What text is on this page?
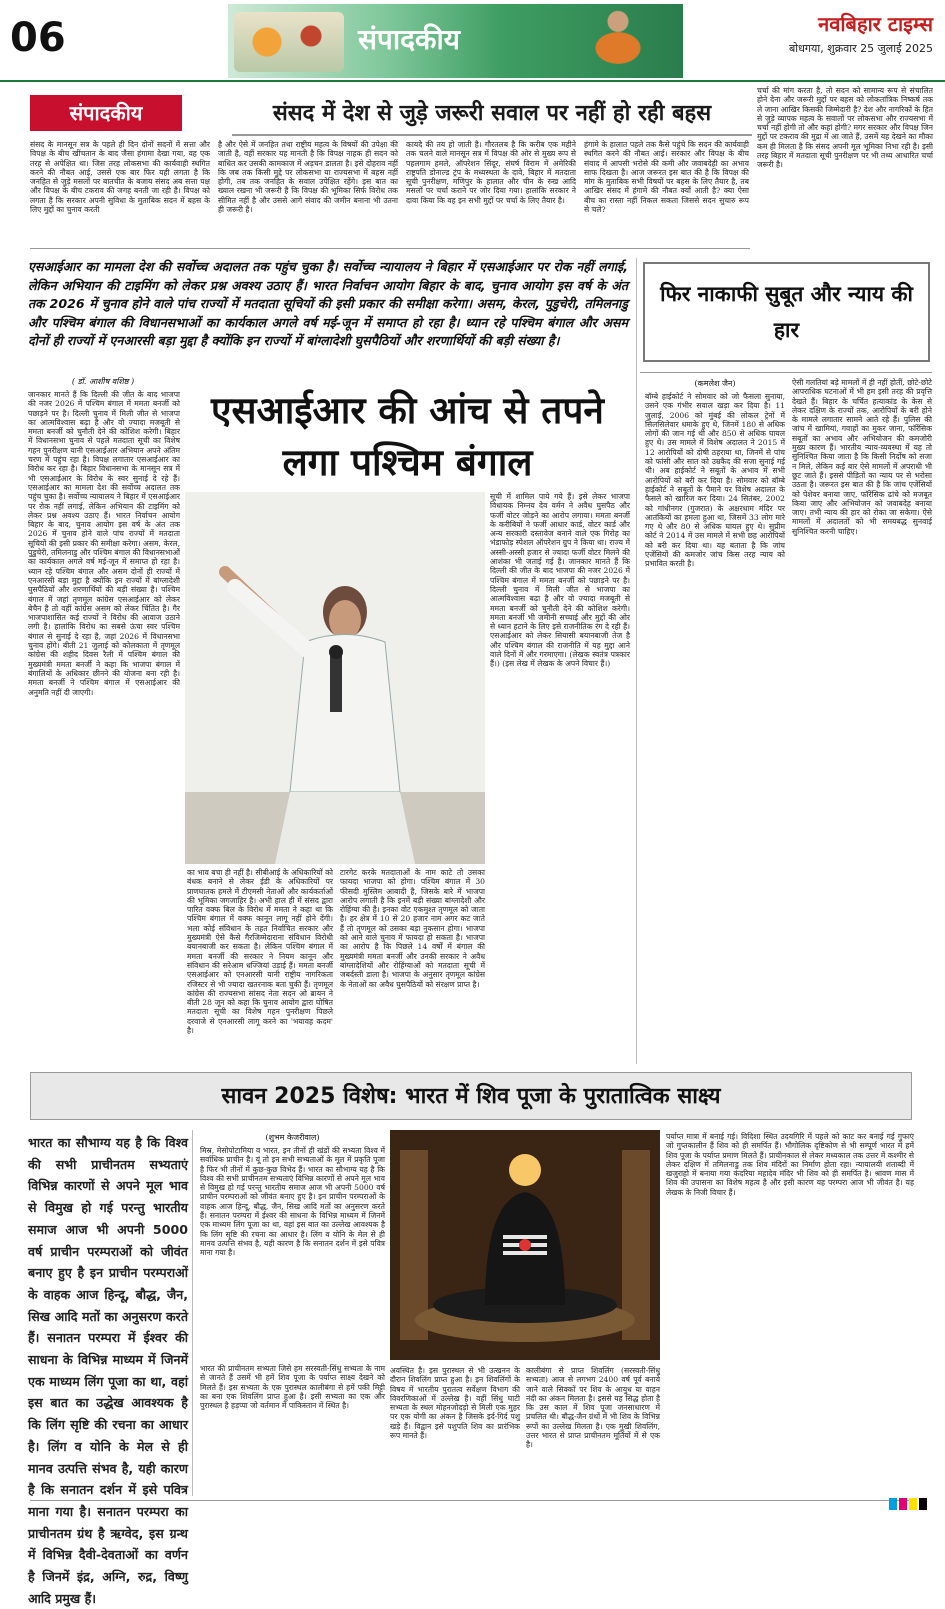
06	संपादकीय	नवबिहार टाइम्स
बोधगया, शुक्रवार 25 जुलाई 2025
संपादकीय	संसद में देश से जुड़े जरूरी सवाल पर नहीं हो रही बहस
संसद के मानसून सत्र के पहले ही दिन दोनों सदनों में सत्ता और विपक्ष के बीच खींचतान के बाद जैसा हंगामा देखा गया, वह एक तरह से अपेक्षित था। जिस तरह लोकसभा की कार्यवाही स्थगित करने की नौबत आई, उससे एक बार फिर यही लगता है कि जनहित से जुड़े मसलों पर बातचीत के बजाय संसद अब सत्ता पक्ष और विपक्ष के बीच टकराव की जगह बनती जा रही है। विपक्ष को लगता है कि सरकार अपनी सुविधा के मुताबिक सदन में बहस के लिए मुद्दों का चुनाव करती
है और ऐसे में जनहित तथा राष्ट्रीय महत्व के विषयों की उपेक्षा की जाती है, वहीं सरकार यह मानती है कि विपक्ष नाहक ही सदन को बाधित कर उसकी कामकाज में अड़चन डालता है। इसे दोहराव नहीं कि जब तक किसी मुद्दे पर लोकसभा या राज्यसभा में बहस नहीं होगी, तब तक जनहित के सवाल उपेक्षित रहेंगे। इस बात का ख्याल रखना भी जरूरी है कि विपक्ष की भूमिका सिर्फ विरोध तक सीमित नहीं है और उससे आगे संवाद की जमीन बनाना भी उतना ही जरूरी है।
कायदे की तय हो जाती है। गौरतलब है कि करीब एक महीने तक चलने वाले मानसून सत्र में विपक्ष की ओर से मुख्य रूप से पहलगाम हमले, ऑपरेशन सिंदूर, संघर्ष विराम में अमेरिकी राष्ट्रपति डोनाल्ड ट्रंप के मध्यस्थता के दावे, बिहार में मतदाता सूची पुनरीक्षण, मणिपुर के हालात और चीन के रुख आदि मसलों पर चर्चा कराने पर जोर दिया गया। हालांकि सरकार ने दावा किया कि वह इन सभी मुद्दों पर चर्चा के लिए तैयार है।
हंगामे के हालात पहले तक कैसे पहुंचे कि सदन की कार्यवाही स्थगित करने की नौबत आई। सरकार और विपक्ष के बीच संवाद में आपसी भरोसे की कमी और जवाबदेही का अभाव साफ दिखता है। आज जरूरत इस बात की है कि विपक्ष की मांग के मुताबिक सभी विषयों पर बहस के लिए तैयार है, तब आखिर संसद में हंगामे की नौबत क्यों आती है? क्या ऐसा बीच का रास्ता नहीं निकल सकता जिससे सदन सुचारु रूप से चले?
चर्चा की मांग करता है, तो सदन को सामान्य रूप से संचालित होने देना और जरूरी मुद्दों पर बहस को लोकतांत्रिक निष्कर्ष तक ले जाना आखिर किसकी जिम्मेदारी है? देश और नागरिकों के हित से जुड़े व्यापक महत्व के सवालों पर लोकसभा और राज्यसभा में चर्चा नहीं होगी तो और कहां होगी? मगर सरकार और विपक्ष जिन मुद्दों पर टकराव की मुद्रा में आ जाते हैं, उसमें यह देखने का मौका कम ही मिलता है कि संसद अपनी मूल भूमिका निभा रही है। इसी तरह बिहार में मतदाता सूची पुनरीक्षण पर भी तथ्य आधारित चर्चा जरूरी है।
एसआईआर का मामला देश की सर्वोच्च अदालत तक पहुंच चुका है। सर्वोच्च न्यायालय ने बिहार में एसआईआर पर रोक नहीं लगाई, लेकिन अभियान की टाइमिंग को लेकर प्रश्न अवश्य उठाए हैं। भारत निर्वाचन आयोग बिहार के बाद, चुनाव आयोग इस वर्ष के अंत तक 2026 में चुनाव होने वाले पांच राज्यों में मतदाता सूचियों की इसी प्रकार की समीक्षा करेगा। असम, केरल, पुडुचेरी, तमिलनाडु और पश्चिम बंगाल की विधानसभाओं का कार्यकाल अगले वर्ष मई-जून में समाप्त हो रहा है। ध्यान रहे पश्चिम बंगाल और असम दोनों ही राज्यों में एनआरसी बड़ा मुद्दा है क्योंकि इन राज्यों में बांग्लादेशी घुसपैठियों और शरणार्थियों की बड़ी संख्या है।
एसआईआर की आंच से तपने लगा पश्चिम बंगाल
( डॉ. आशीष वशिष्ठ )
जानकार मानते हैं कि दिल्ली की जीत के बाद भाजपा की नजर 2026 में पश्चिम बंगाल में ममता बनर्जी को पछाड़ने पर है। दिल्ली चुनाव में मिली जीत से भाजपा का आत्मविश्वास बढ़ा है और वो ज्यादा मजबूती से ममता बनर्जी को चुनौती देने की कोशिश करेगी। बिहार में विधानसभा चुनाव से पहले मतदाता सूची का विशेष गहन पुनरीक्षण यानी एसआईआर अभियान अपने अंतिम चरण में पहुंच रहा है। विपक्ष लगातार एसआईआर का विरोध कर रहा है। बिहार विधानसभा के मानसून सत्र में भी एसआईआर के विरोध के स्वर सुनाई दे रहे हैं। एसआईआर का मामला देश की सर्वोच्च अदालत तक पहुंच चुका है। सर्वोच्च न्यायालय ने बिहार में एसआईआर पर रोक नहीं लगाई, लेकिन अभियान की टाइमिंग को लेकर प्रश्न अवश्य उठाए हैं। भारत निर्वाचन आयोग बिहार के बाद, चुनाव आयोग इस वर्ष के अंत तक 2026 में चुनाव होने वाले पांच राज्यों में मतदाता सूचियों की इसी प्रकार की समीक्षा करेगा। असम, केरल, पुडुचेरी, तमिलनाडु और पश्चिम बंगाल की विधानसभाओं का कार्यकाल अगले वर्ष मई-जून में समाप्त हो रहा है। ध्यान रहे पश्चिम बंगाल और असम दोनों ही राज्यों में एनआरसी बड़ा मुद्दा है क्योंकि इन राज्यों में बांग्लादेशी घुसपैठियों और शरणार्थियों की बड़ी संख्या है। पश्चिम बंगाल में जहां तृणमूल कांग्रेस एसआईआर को लेकर बेचैन है तो वहीं कांग्रेस असम को लेकर चिंतित है। गैर भाजपाशासित कई राज्यों ने विरोध की आवाज उठाने लगी है। हालांकि विरोध का सबसे ऊंचा स्वर पश्चिम बंगाल से सुनाई दे रहा है, जहां 2026 में विधानसभा चुनाव होंगे। बीती 21 जुलाई को कोलकाता में तृणमूल कांग्रेस की शहीद दिवस रैली में पश्चिम बंगाल की मुख्यमंत्री ममता बनर्जी ने कहा कि भाजपा बंगाल में बंगालियों के अधिकार छीनने की योजना बना रही है। ममता बनर्जी ने पश्चिम बंगाल में एसआईआर की अनुमति नहीं दी जाएगी।
का भाव बचा ही नहीं है। सीबीआई के अधिकारियों को बंधक बनाने से लेकर ईडी के अधिकारियों पर प्राणघातक हमले में टीएमसी नेताओं और कार्यकर्ताओं की भूमिका जगजाहिर है। अभी हाल ही में संसद द्वारा पारित वक्फ बिल के विरोध में ममता ने कहा था कि पश्चिम बंगाल में वक्फ कानून लागू नहीं होने देंगी। भला कोई संविधान के तहत निर्वाचित सरकार और मुख्यमंत्री ऐसे कैसे गैरजिम्मेदाराना संविधान विरोधी बयानबाजी कर सकता है। लेकिन पश्चिम बंगाल में ममता बनर्जी की सरकार ने नियम कानून और संविधान की सरेआम धज्जियां उड़ाई हैं। ममता बनर्जी एसआईआर को एनआरसी यानी राष्ट्रीय नागरिकता रजिस्टर से भी ज्यादा खतरनाक बता चुकी हैं। तृणमूल कांग्रेस की राज्यसभा सांसद नेता सदन ओ ब्रायन ने बीती 28 जून को कहा कि चुनाव आयोग द्वारा घोषित मतदाता सूची का विशेष गहन पुनरीक्षण पिछले दरवाजे से एनआरसी लागू करने का 'भयावह कदम' है।
टारगेट करके मतदाताओं के नाम काटे तो उसका फायदा भाजपा को होगा। पश्चिम बंगाल में 30 फीसदी मुस्लिम आबादी है, जिसके बारे में भाजपा आरोप लगाती है कि इनमें बड़ी संख्या बांग्लादेशी और रोहिंग्या की है। इनका वोट एकमुश्त तृणमूल को जाता है। हर क्षेत्र में 10 से 20 हजार नाम अगर कट जाते हैं तो तृणमूल को उसका बड़ा नुकसान होगा। भाजपा को आने वाले चुनाव में फायदा हो सकता है। भाजपा का आरोप है कि पिछले 14 वर्षों में बंगाल की मुख्यमंत्री ममता बनर्जी और उनकी सरकार ने अवैध बांग्लादेशियों और रोहिंग्याओं को मतदाता सूची में जबर्दस्ती डाला है। भाजपा के अनुसार तृणमूल कांग्रेस के नेताओं का अवैध घुसपैठियों को संरक्षण प्राप्त है।
सूची में शामिल पाये गये हैं। इसे लेकर भाजपा विधायक निम्नय देव वर्मन ने अवैध घुसपैठ और फर्जी वोटर जोड़ने का आरोप लगाया। ममता बनर्जी के करीबियों ने फर्जी आधार कार्ड, वोटर कार्ड और अन्य सरकारी दस्तावेज बनाने वाले एक गिरोह का भंडाफोड़ स्पेशल ऑपरेशन ग्रुप ने किया था। राज्य में अस्सी-अस्सी हजार से ज्यादा फर्जी वोटर मिलने की आशंका भी जताई गई है। जानकार मानते हैं कि दिल्ली की जीत के बाद भाजपा की नजर 2026 में पश्चिम बंगाल में ममता बनर्जी को पछाड़ने पर है। दिल्ली चुनाव में मिली जीत से भाजपा का आत्मविश्वास बढ़ा है और वो ज्यादा मजबूती से ममता बनर्जी को चुनौती देने की कोशिश करेगी। ममता बनर्जी भी जमीनी सच्चाई और मुद्दों की ओर से ध्यान हटाने के लिए इसे राजनीतिक रंग दे रही हैं। एसआईआर को लेकर सियासी बयानबाजी तेज है और पश्चिम बंगाल की राजनीति में यह मुद्दा आने वाले दिनों में और गरमाएगा। (लेखक स्वतंत्र पत्रकार हैं।) (इस लेख में लेखक के अपने विचार हैं।)
फिर नाकाफी सुबूत और न्याय की हार
(कमलेश जैन)
बॉम्बे हाईकोर्ट ने सोमवार को जो फैसला सुनाया, उसने एक गंभीर सवाल खड़ा कर दिया है। 11 जुलाई, 2006 को मुंबई की लोकल ट्रेनों में सिलसिलेवार धमाके हुए थे, जिनमें 180 से अधिक लोगों की जान गई थी और 850 से अधिक घायल हुए थे। उस मामले में विशेष अदालत ने 2015 में 12 आरोपियों को दोषी ठहराया था, जिनमें से पांच को फांसी और सात को उम्रकैद की सजा सुनाई गई थी। अब हाईकोर्ट ने सबूतों के अभाव में सभी आरोपियों को बरी कर दिया है। सोमवार को बॉम्बे हाईकोर्ट ने सबूतों के पैमाने पर विशेष अदालत के फैसले को खारिज कर दिया। 24 सितंबर, 2002 को गांधीनगर (गुजरात) के अक्षरधाम मंदिर पर आतंकियों का हमला हुआ था, जिसमें 33 लोग मारे गए थे और 80 से अधिक घायल हुए थे। सुप्रीम कोर्ट ने 2014 में उस मामले में सभी छह आरोपियों को बरी कर दिया था। यह बताता है कि जांच एजेंसियों की कमजोर जांच किस तरह न्याय को प्रभावित करती है।
ऐसी गलतियां बड़े मामलों में ही नहीं होतीं, छोटे-छोटे आपराधिक घटनाओं में भी हम इसी तरह की प्रवृत्ति देखते हैं। बिहार के चर्चित हत्याकांड के केस से लेकर दक्षिण के राज्यों तक, आरोपियों के बरी होने के मामले लगातार सामने आते रहे हैं। पुलिस की जांच में खामियां, गवाहों का मुकर जाना, फॉरेंसिक सबूतों का अभाव और अभियोजन की कमजोरी मुख्य कारण हैं। भारतीय न्याय-व्यवस्था में यह तो सुनिश्चित किया जाता है कि किसी निर्दोष को सजा न मिले, लेकिन कई बार ऐसे मामलों में अपराधी भी छूट जाते हैं। इससे पीड़ितों का न्याय पर से भरोसा उठता है। जरूरत इस बात की है कि जांच एजेंसियों को पेशेवर बनाया जाए, फॉरेंसिक ढांचे को मजबूत किया जाए और अभियोजन को जवाबदेह बनाया जाए। तभी न्याय की हार को रोका जा सकेगा। ऐसे मामलों में अदालतों को भी समयबद्ध सुनवाई सुनिश्चित करनी चाहिए।
सावन 2025 विशेष: भारत में शिव पूजा के पुरातात्विक साक्ष्य
भारत का सौभाग्य यह है कि विश्व की सभी प्राचीनतम सभ्यताएं विभिन्न कारणों से अपने मूल भाव से विमुख हो गई परन्तु भारतीय समाज आज भी अपनी 5000 वर्ष प्राचीन परम्पराओं को जीवंत बनाए हुए है इन प्राचीन परम्पराओं के वाहक आज हिन्दू, बौद्ध, जैन, सिख आदि मतों का अनुसरण करते हैं। सनातन परम्परा में ईश्वर की साधना के विभिन्न माध्यम में जिनमें एक माध्यम लिंग पूजा का था, वहां इस बात का उद्धेख आवश्यक है कि लिंग सृष्टि की रचना का आधार है। लिंग व योनि के मेल से ही मानव उत्पत्ति संभव है, यही कारण है कि सनातन दर्शन में इसे पवित्र माना गया है। सनातन परम्परा का प्राचीनतम ग्रंथ है ऋग्वेद, इस ग्रन्थ में विभिन्न दैवी-देवताओं का वर्णन है जिनमें इंद्र, अग्नि, रुद्र, विष्णु आदि प्रमुख हैं।
(शुभम केजरीवाल)
मिस्र, मेसोपोटामिया व भारत, इन तीनों ही खंडों की सभ्यता विश्व में सर्वाधिक प्राचीन है। यूं तो इन सभी सभ्यताओं के मूल में प्रकृति पूजा है फिर भी तीनों में कुछ-कुछ विभेद हैं। भारत का सौभाग्य यह है कि विश्व की सभी प्राचीनतम सभ्यताएं विभिन्न कारणों से अपने मूल भाव से विमुख हो गई परन्तु भारतीय समाज आज भी अपनी 5000 वर्ष प्राचीन परम्पराओं को जीवंत बनाए हुए है। इन प्राचीन परम्पराओं के वाहक आज हिन्दू, बौद्ध, जैन, सिख आदि मतों का अनुसरण करते हैं। सनातन परम्परा में ईश्वर की साधना के विभिन्न माध्यम में जिनमें एक माध्यम लिंग पूजा का था, वहां इस बात का उल्लेख आवश्यक है कि लिंग सृष्टि की रचना का आधार है। लिंग व योनि के मेल से ही मानव उत्पत्ति संभव है, यही कारण है कि सनातन दर्शन में इसे पवित्र माना गया है।
भारत की प्राचीनतम सभ्यता जिसे हम सरस्वती-सिंधु सभ्यता के नाम से जानते हैं उसमें भी हमें शिव पूजा के पर्याप्त साक्ष्य देखने को मिलते हैं। इस सभ्यता के एक पुरास्थल कालीबंगा से हमें पकी मिट्टी का बना एक शिवलिंग प्राप्त हुआ है। इसी सभ्यता का एक और पुरास्थल है हड़प्पा जो वर्तमान में पाकिस्तान में स्थित है।
अवस्थित है। इस पुरास्थल से भी उत्खनन के दौरान शिवलिंग प्राप्त हुआ है। इन शिवलिंगों के विषय में भारतीय पुरातत्व सर्वेक्षण विभाग की विवरणिकाओं में उल्लेख है। वहीं सिंधु घाटी सभ्यता के स्थल मोहनजोदड़ो से मिली एक मुहर पर एक योगी का अंकन है जिसके इर्द-गिर्द पशु खड़े हैं। विद्वान इसे पशुपति शिव का प्रारंभिक रूप मानते हैं।
कालीबंगा से प्राप्त शिवलिंग (सरस्वती-सिंधु सभ्यता) आज से लगभग 2400 वर्ष पूर्व बनाये जाने वाले सिक्कों पर शिव के आयुध या वाहन नंदी का अंकन मिलता है। इससे यह सिद्ध होता है कि उस काल में शिव पूजा जनसाधारण में प्रचलित थी। बौद्ध-जैन ग्रंथों में भी शिव के विभिन्न रूपों का उल्लेख मिलता है। एक मुखी शिवलिंग, उत्तर भारत से प्राप्त प्राचीनतम मूर्तियों में से एक है।
पर्याप्त मात्रा में बनाई गई। विदिशा स्थित उदयगिरि में पहले को काट कर बनाई गई गुफाएं जो गुप्तकालीन हैं शिव को ही समर्पित हैं। भौगोलिक दृष्टिकोण से भी सम्पूर्ण भारत में हमें शिव पूजा के पर्याप्त प्रमाण मिलते हैं। प्राचीनकाल से लेकर मध्यकाल तक उत्तर में कश्मीर से लेकर दक्षिण में तमिलनाडु तक शिव मंदिरों का निर्माण होता रहा। न्यायालयी शताब्दी में खजुराहो में बनाया गया कंदरिया महादेव मंदिर भी शिव को ही समर्पित है। श्रावण मास में शिव की उपासना का विशेष महत्व है और इसी कारण यह परम्परा आज भी जीवंत है। यह लेखक के निजी विचार हैं।
